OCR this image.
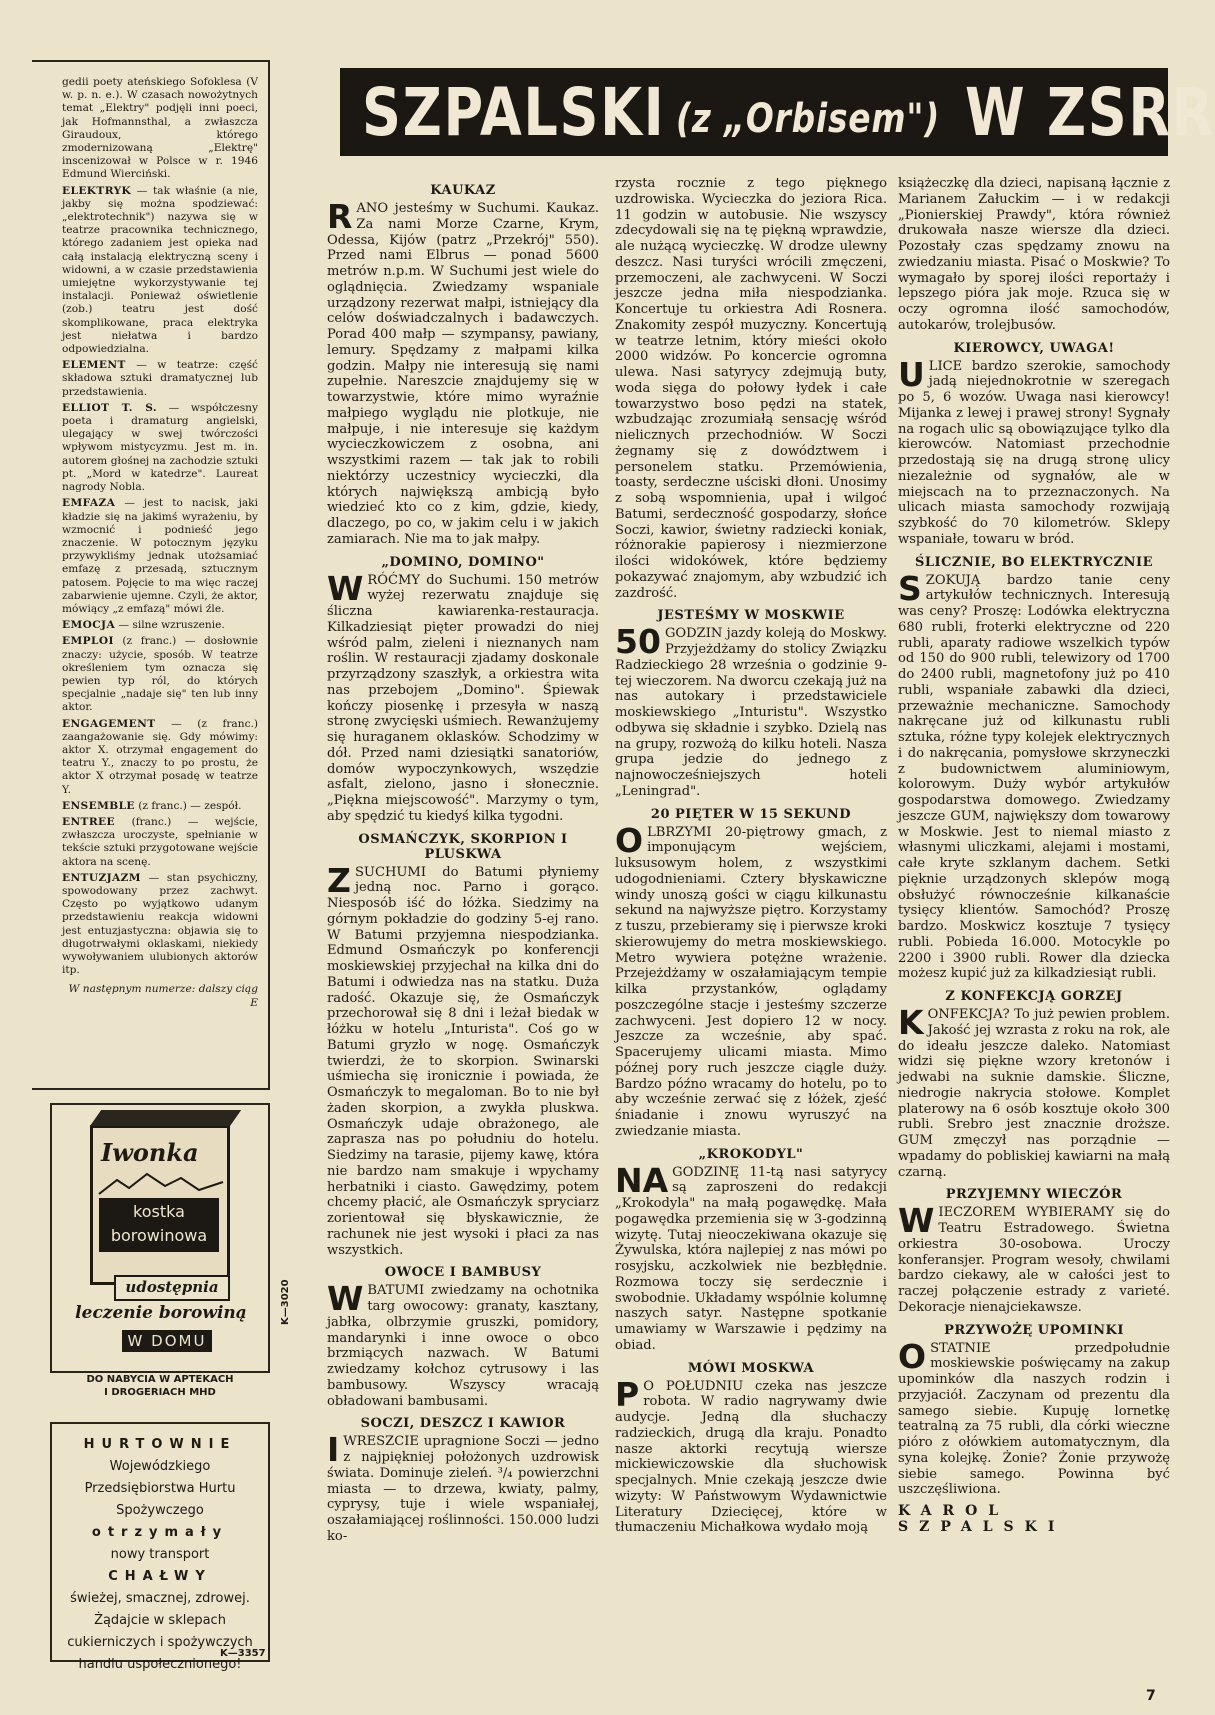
gedii poety ateńskiego Sofoklesa (V w. p. n. e.). W czasach nowożytnych temat „Elektry" podjęli inni poeci, jak Hofmannsthal, a zwłaszcza Giraudoux, którego zmodernizowaną „Elektrę" inscenizował w Polsce w r. 1946 Edmund Wierciński.

ELEKTRYK — tak właśnie (a nie, jakby się można spodziewać: „elektrotechnik") nazywa się w teatrze pracownika technicznego, którego zadaniem jest opieka nad całą instalacją elektryczną sceny i widowni, a w czasie przedstawienia umiejętne wykorzystywanie tej instalacji. Ponieważ oświetlenie (zob.) teatru jest dość skomplikowane, praca elektryka jest niełatwa i bardzo odpowiedzialna.

ELEMENT — w teatrze: część składowa sztuki dramatycznej lub przedstawienia.

ELLIOT T. S. — współczesny poeta i dramaturg angielski, ulegający w swej twórczości wpływom mistycyzmu. Jest m. in. autorem głośnej na zachodzie sztuki pt. „Mord w katedrze". Laureat nagrody Nobla.

EMFAZA — jest to nacisk, jaki kładzie się na jakimś wyrażeniu, by wzmocnić i podnieść jego znaczenie. W potocznym języku przywykliśmy jednak utożsamiać emfazę z przesadą, sztucznym patosem. Pojęcie to ma więc raczej zabarwienie ujemne. Czyli, że aktor, mówiący „z emfazą" mówi źle.

EMOCJA — silne wzruszenie.

EMPLOI (z franc.) — dosłownie znaczy: użycie, sposób. W teatrze określeniem tym oznacza się pewien typ ról, do których specjalnie „nadaje się" ten lub inny aktor.

ENGAGEMENT — (z franc.) zaangażowanie się. Gdy mówimy: aktor X. otrzymał engagement do teatru Y., znaczy to po prostu, że aktor X otrzymał posadę w teatrze Y.

ENSEMBLE (z franc.) — zespół.

ENTREE (franc.) — wejście, zwłaszcza uroczyste, spełnianie w tekście sztuki przygotowane wejście aktora na scenę.

ENTUZJAZM — stan psychiczny, spowodowany przez zachwyt. Często po wyjątkowo udanym przedstawieniu reakcja widowni jest entuzjastyczna: objawia się to długotrwałymi oklaskami, niekiedy wywoływaniem ulubionych aktorów itp.

W następnym numerze: dalszy ciąg E

Iwonka
kostka
borowinowa
udostępnia
leczenie borowiną
W DOMU
DO NABYCIA W APTEKACH
I DROGERIACH MHD
K—3020
HURTOWNIE
Wojewódzkiego Przedsiębiorstwa Hurtu Spożywczego
otrzymały
nowy transport
CHAŁWY
świeżej, smacznej, zdrowej.
Żądajcie w sklepach cukierniczych i spożywczych handlu uspołecznionego!
K—3357
SZPALSKI (z „Orbisem") W ZSRR
KAUKAZ

RANO jesteśmy w Suchumi. Kaukaz. Za nami Morze Czarne, Krym, Odessa, Kijów (patrz „Przekrój" 550). Przed nami Elbrus — ponad 5600 metrów n.p.m. W Suchumi jest wiele do oglądnięcia. Zwiedzamy wspaniale urządzony rezerwat małpi, istniejący dla celów doświadczalnych i badawczych. Porad 400 małp — szympansy, pawiany, lemury. Spędzamy z małpami kilka godzin. Małpy nie interesują się nami zupełnie. Nareszcie znajdujemy się w towarzystwie, które mimo wyraźnie małpiego wyglądu nie plotkuje, nie małpuje, i nie interesuje się każdym wycieczkowiczem z osobna, ani wszystkimi razem — tak jak to robili niektórzy uczestnicy wycieczki, dla których największą ambicją było wiedzieć kto co z kim, gdzie, kiedy, dlaczego, po co, w jakim celu i w jakich zamiarach. Nie ma to jak małpy.

„DOMINO, DOMINO"

WRÓĆMY do Suchumi. 150 metrów wyżej rezerwatu znajduje się śliczna kawiarenka-restauracja. Kilkadziesiąt pięter prowadzi do niej wśród palm, zieleni i nieznanych nam roślin. W restauracji zjadamy doskonale przyrządzony szaszłyk, a orkiestra wita nas przebojem „Domino". Śpiewak kończy piosenkę i przesyła w naszą stronę zwycięski uśmiech. Rewanżujemy się huraganem oklasków. Schodzimy w dół. Przed nami dziesiątki sanatoriów, domów wypoczynkowych, wszędzie asfalt, zielono, jasno i słonecznie. „Piękna miejscowość". Marzymy o tym, aby spędzić tu kiedyś kilka tygodni.

OSMAŃCZYK, SKORPION I PLUSKWA

ZSUCHUMI do Batumi płyniemy jedną noc. Parno i gorąco. Niesposób iść do łóżka. Siedzimy na górnym pokładzie do godziny 5-ej rano. W Batumi przyjemna niespodzianka. Edmund Osmańczyk po konferencji moskiewskiej przyjechał na kilka dni do Batumi i odwiedza nas na statku. Duża radość. Okazuje się, że Osmańczyk przechorował się 8 dni i leżał biedak w łóżku w hotelu „Inturista". Coś go w Batumi gryzło w nogę. Osmańczyk twierdzi, że to skorpion. Swinarski uśmiecha się ironicznie i powiada, że Osmańczyk to megaloman. Bo to nie był żaden skorpion, a zwykła pluskwa. Osmańczyk udaje obrażonego, ale zaprasza nas po południu do hotelu. Siedzimy na tarasie, pijemy kawę, która nie bardzo nam smakuje i wpychamy herbatniki i ciasto. Gawędzimy, potem chcemy płacić, ale Osmańczyk spryciarz zorientował się błyskawicznie, że rachunek nie jest wysoki i płaci za nas wszystkich.

OWOCE I BAMBUSY

WBATUMI zwiedzamy na ochotnika targ owocowy: granaty, kasztany, jabłka, olbrzymie gruszki, pomidory, mandarynki i inne owoce o obco brzmiących nazwach. W Batumi zwiedzamy kołchoz cytrusowy i las bambusowy. Wszyscy wracają obładowani bambusami.

SOCZI, DESZCZ I KAWIOR

IWRESZCIE upragnione Soczi — jedno z najpiękniej położonych uzdrowisk świata. Dominuje zieleń. ³/₄ powierzchni miasta — to drzewa, kwiaty, palmy, cyprysy, tuje i wiele wspaniałej, oszałamiającej roślinności. 150.000 ludzi ko-

rzysta rocznie z tego pięknego uzdrowiska. Wycieczka do jeziora Rica. 11 godzin w autobusie. Nie wszyscy zdecydowali się na tę piękną wprawdzie, ale nużącą wycieczkę. W drodze ulewny deszcz. Nasi turyści wrócili zmęczeni, przemoczeni, ale zachwyceni. W Soczi jeszcze jedna miła niespodzianka. Koncertuje tu orkiestra Adi Rosnera. Znakomity zespół muzyczny. Koncertują w teatrze letnim, który mieści około 2000 widzów. Po koncercie ogromna ulewa. Nasi satyrycy zdejmują buty, woda sięga do połowy łydek i całe towarzystwo boso pędzi na statek, wzbudzając zrozumiałą sensację wśród nielicznych przechodniów. W Soczi żegnamy się z dowództwem i personelem statku. Przemówienia, toasty, serdeczne uściski dłoni. Unosimy z sobą wspomnienia, upał i wilgoć Batumi, serdeczność gospodarzy, słońce Soczi, kawior, świetny radziecki koniak, różnorakie papierosy i niezmierzone ilości widokówek, które będziemy pokazywać znajomym, aby wzbudzić ich zazdrość.

JESTEŚMY W MOSKWIE

50 GODZIN jazdy koleją do Moskwy. Przyjeżdżamy do stolicy Związku Radzieckiego 28 września o godzinie 9-tej wieczorem. Na dworcu czekają już na nas autokary i przedstawiciele moskiewskiego „Inturistu". Wszystko odbywa się składnie i szybko. Dzielą nas na grupy, rozwożą do kilku hoteli. Nasza grupa jedzie do jednego z najnowocześniejszych hoteli „Leningrad".

20 PIĘTER W 15 SEKUND

OLBRZYMI 20-piętrowy gmach, z imponującym wejściem, luksusowym holem, z wszystkimi udogodnieniami. Cztery błyskawiczne windy unoszą gości w ciągu kilkunastu sekund na najwyższe piętro. Korzystamy z tuszu, przebieramy się i pierwsze kroki skierowujemy do metra moskiewskiego. Metro wywiera potężne wrażenie. Przejeżdżamy w oszałamiającym tempie kilka przystanków, oglądamy poszczególne stacje i jesteśmy szczerze zachwyceni. Jest dopiero 12 w nocy. Jeszcze za wcześnie, aby spać. Spacerujemy ulicami miasta. Mimo późnej pory ruch jeszcze ciągle duży. Bardzo późno wracamy do hotelu, po to aby wcześnie zerwać się z łóżek, zjeść śniadanie i znowu wyruszyć na zwiedzanie miasta.

„KROKODYL"

NA GODZINĘ 11-tą nasi satyrycy są zaproszeni do redakcji „Krokodyla" na małą pogawędkę. Mała pogawędka przemienia się w 3-godzinną wizytę. Tutaj nieoczekiwana okazuje się Żywulska, która najlepiej z nas mówi po rosyjsku, aczkolwiek nie bezbłędnie. Rozmowa toczy się serdecznie i swobodnie. Układamy wspólnie kolumnę naszych satyr. Następne spotkanie umawiamy w Warszawie i pędzimy na obiad.

MÓWI MOSKWA

P O POŁUDNIU czeka nas jeszcze robota. W radio nagrywamy dwie audycje. Jedną dla słuchaczy radzieckich, drugą dla kraju. Ponadto nasze aktorki recytują wiersze mickiewiczowskie dla słuchowisk specjalnych. Mnie czekają jeszcze dwie wizyty: W Państwowym Wydawnictwie Literatury Dziecięcej, które w tłumaczeniu Michałkowa wydało moją

książeczkę dla dzieci, napisaną łącznie z Marianem Załuckim — i w redakcji „Pionierskiej Prawdy", która również drukowała nasze wiersze dla dzieci. Pozostały czas spędzamy znowu na zwiedzaniu miasta. Pisać o Moskwie? To wymagało by sporej ilości reportaży i lepszego pióra jak moje. Rzuca się w oczy ogromna ilość samochodów, autokarów, trolejbusów.

KIEROWCY, UWAGA!

ULICE bardzo szerokie, samochody jadą niejednokrotnie w szeregach po 5, 6 wozów. Uwaga nasi kierowcy! Mijanka z lewej i prawej strony! Sygnały na rogach ulic są obowiązujące tylko dla kierowców. Natomiast przechodnie przedostają się na drugą stronę ulicy niezależnie od sygnałów, ale w miejscach na to przeznaczonych. Na ulicach miasta samochody rozwijają szybkość do 70 kilometrów. Sklepy wspaniałe, towaru w bród.

ŚLICZNIE, BO ELEKTRYCZNIE

SZOKUJĄ bardzo tanie ceny artykułów technicznych. Interesują was ceny? Proszę: Lodówka elektryczna 680 rubli, froterki elektryczne od 220 rubli, aparaty radiowe wszelkich typów od 150 do 900 rubli, telewizory od 1700 do 2400 rubli, magnetofony już po 410 rubli, wspaniałe zabawki dla dzieci, przeważnie mechaniczne. Samochody nakręcane już od kilkunastu rubli sztuka, różne typy kolejek elektrycznych i do nakręcania, pomysłowe skrzyneczki z budownictwem aluminiowym, kolorowym. Duży wybór artykułów gospodarstwa domowego. Zwiedzamy jeszcze GUM, największy dom towarowy w Moskwie. Jest to niemal miasto z własnymi uliczkami, alejami i mostami, całe kryte szklanym dachem. Setki pięknie urządzonych sklepów mogą obsłużyć równocześnie kilkanaście tysięcy klientów. Samochód? Proszę bardzo. Moskwicz kosztuje 7 tysięcy rubli. Pobieda 16.000. Motocykle po 2200 i 3900 rubli. Rower dla dziecka możesz kupić już za kilkadziesiąt rubli.

Z KONFEKCJĄ GORZEJ

KONFEKCJA? To już pewien problem. Jakość jej wzrasta z roku na rok, ale do ideału jeszcze daleko. Natomiast widzi się piękne wzory kretonów i jedwabi na suknie damskie. Śliczne, niedrogie nakrycia stołowe. Komplet platerowy na 6 osób kosztuje około 300 rubli. Srebro jest znacznie droższe. GUM zmęczył nas porządnie — wpadamy do pobliskiej kawiarni na małą czarną.

PRZYJEMNY WIECZÓR

WIECZOREM WYBIERAMY się do Teatru Estradowego. Świetna orkiestra 30-osobowa. Uroczy konferansjer. Program wesoły, chwilami bardzo ciekawy, ale w całości jest to raczej połączenie estrady z varieté. Dekoracje nienajciekawsze.

PRZYWOŻĘ UPOMINKI

OSTATNIE przedpołudnie moskiewskie poświęcamy na zakup upominków dla naszych rodzin i przyjaciół. Zaczynam od prezentu dla samego siebie. Kupuję lornetkę teatralną za 75 rubli, dla córki wieczne pióro z ołówkiem automatycznym, dla syna kolejkę. Żonie? Żonie przywożę siebie samego. Powinna być uszczęśliwiona.

KAROL SZPALSKI
7
